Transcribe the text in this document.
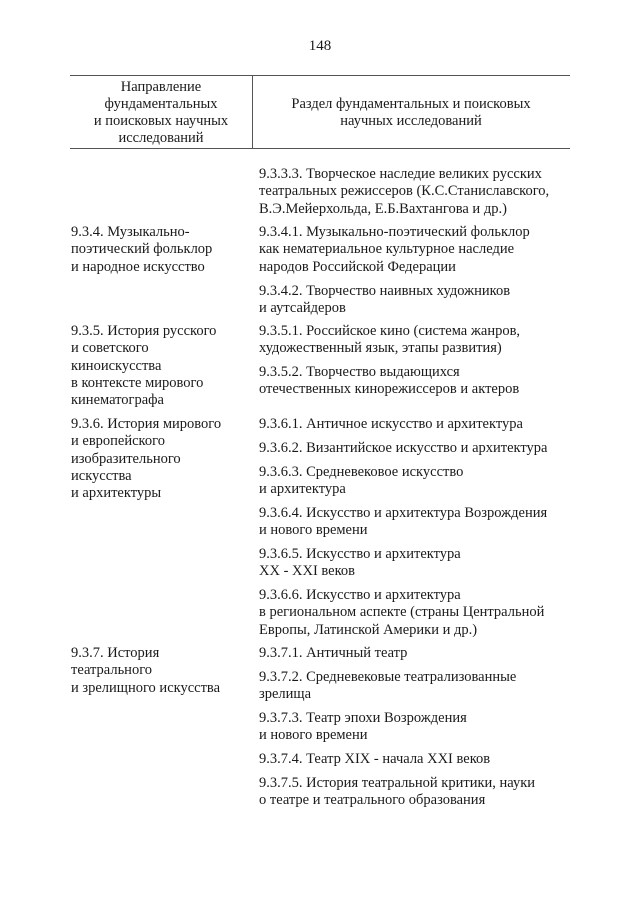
148
Направление
фундаментальных
и поисковых научных
исследований
Раздел фундаментальных и поисковых
научных исследований
9.3.3.3. Творческое наследие великих русских
театральных режиссеров (К.С.Станиславского,
В.Э.Мейерхольда, Е.Б.Вахтангова и др.)
9.3.4. Музыкально-
поэтический фольклор
и народное искусство
9.3.4.1. Музыкально-поэтический фольклор
как нематериальное культурное наследие
народов Российской Федерации
9.3.4.2. Творчество наивных художников
и аутсайдеров
9.3.5. История русского
и советского
киноискусства
в контексте мирового
кинематографа
9.3.5.1. Российское кино (система жанров,
художественный язык, этапы развития)
9.3.5.2. Творчество выдающихся
отечественных кинорежиссеров и актеров
9.3.6. История мирового
и европейского
изобразительного
искусства
и архитектуры
9.3.6.1. Античное искусство и архитектура
9.3.6.2. Византийское искусство и архитектура
9.3.6.3. Средневековое искусство
и архитектура
9.3.6.4. Искусство и архитектура Возрождения
и нового времени
9.3.6.5. Искусство и архитектура
XX - XXI веков
9.3.6.6. Искусство и архитектура
в региональном аспекте (страны Центральной
Европы, Латинской Америки и др.)
9.3.7. История
театрального
и зрелищного искусства
9.3.7.1. Античный театр
9.3.7.2. Средневековые театрализованные
зрелища
9.3.7.3. Театр эпохи Возрождения
и нового времени
9.3.7.4. Театр XIX - начала XXI веков
9.3.7.5. История театральной критики, науки
о театре и театрального образования
